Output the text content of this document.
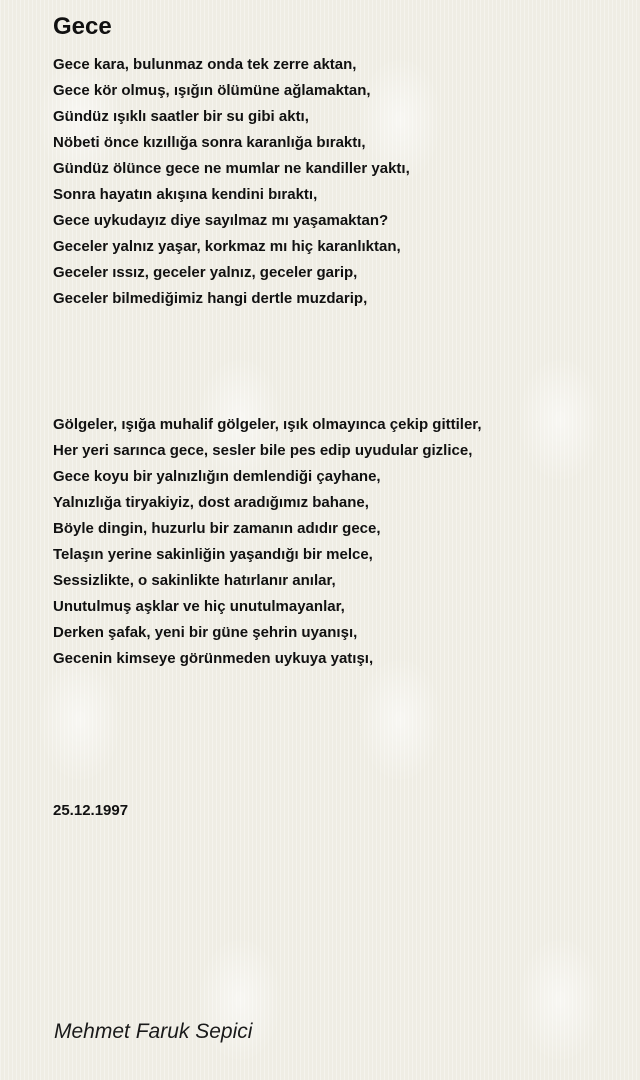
Gece
Gece kara, bulunmaz onda tek zerre aktan,
Gece kör olmuş, ışığın ölümüne ağlamaktan,
Gündüz ışıklı saatler bir su gibi aktı,
Nöbeti önce kızıllığa sonra karanlığa bıraktı,
Gündüz ölünce gece ne mumlar ne kandiller yaktı,
Sonra hayatın akışına kendini bıraktı,
Gece uykudayız diye sayılmaz mı yaşamaktan?
Geceler yalnız yaşar, korkmaz mı hiç karanlıktan,
Geceler ıssız, geceler yalnız, geceler garip,
Geceler bilmediğimiz hangi dertle muzdarip,
Gölgeler, ışığa muhalif gölgeler, ışık olmayınca çekip gittiler,
Her yeri sarınca gece, sesler bile pes edip uyudular gizlice,
Gece koyu bir yalnızlığın demlendiği çayhane,
Yalnızlığa tiryakiyiz, dost aradığımız bahane,
Böyle dingin, huzurlu bir zamanın adıdır gece,
Telaşın yerine sakinliğin yaşandığı bir melce,
Sessizlikte, o sakinlikte hatırlanır anılar,
Unutulmuş aşklar ve hiç unutulmayanlar,
Derken şafak, yeni bir güne şehrin uyanışı,
Gecenin kimseye görünmeden uykuya yatışı,
25.12.1997
Mehmet Faruk Sepici
